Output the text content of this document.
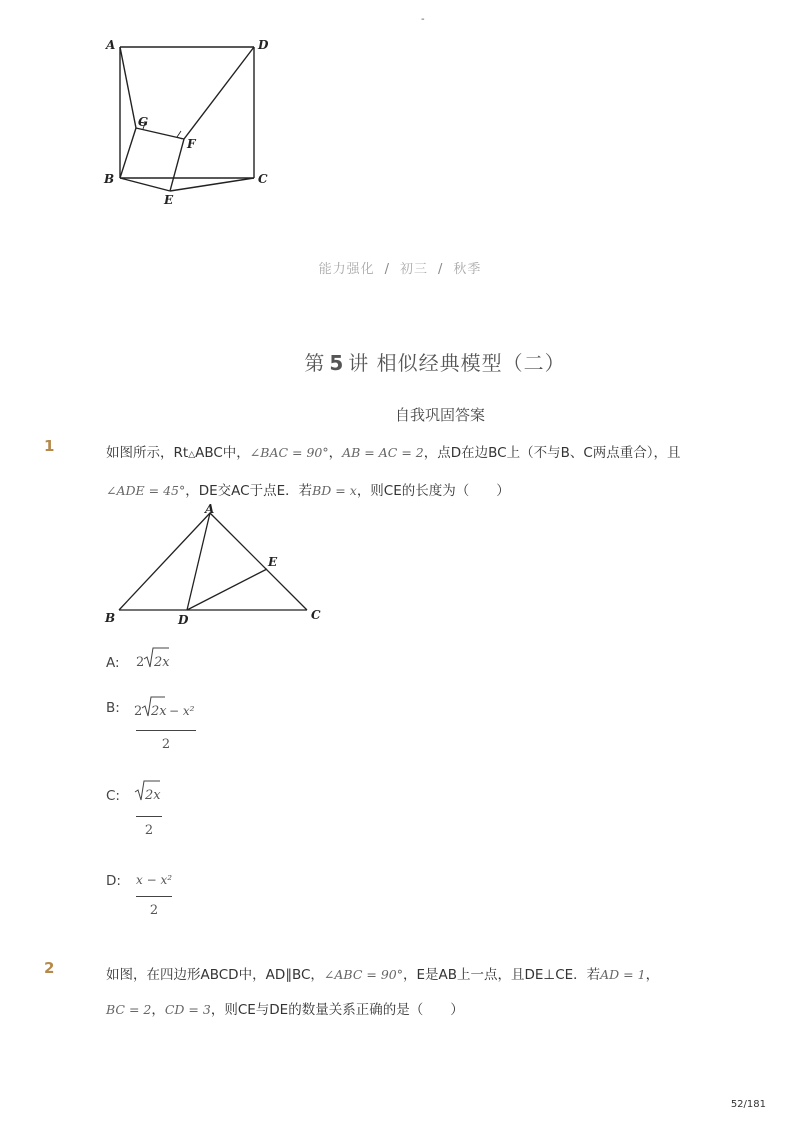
-
A	D
G
F
B	C
E
能力强化 / 初三 / 秋季
第 5 讲 相似经典模型（二）
自我巩固答案
1	如图所示，Rt△ABC中，∠BAC = 90°，AB = AC = 2，点D在边BC上（不与B、C两点重合），且
∠ADE = 45°，DE交AC于点E．若BD = x，则CE的长度为（　　）
A
B	C
D
E
A: 2 2x
B: 2 2x − x²
2
C: 2x
2
D: x − x²
2
2	如图，在四边形ABCD中，AD∥BC，∠ABC = 90°，E是AB上一点，且DE⊥CE．若AD = 1，
BC = 2，CD = 3，则CE与DE的数量关系正确的是（　　）
52/181
